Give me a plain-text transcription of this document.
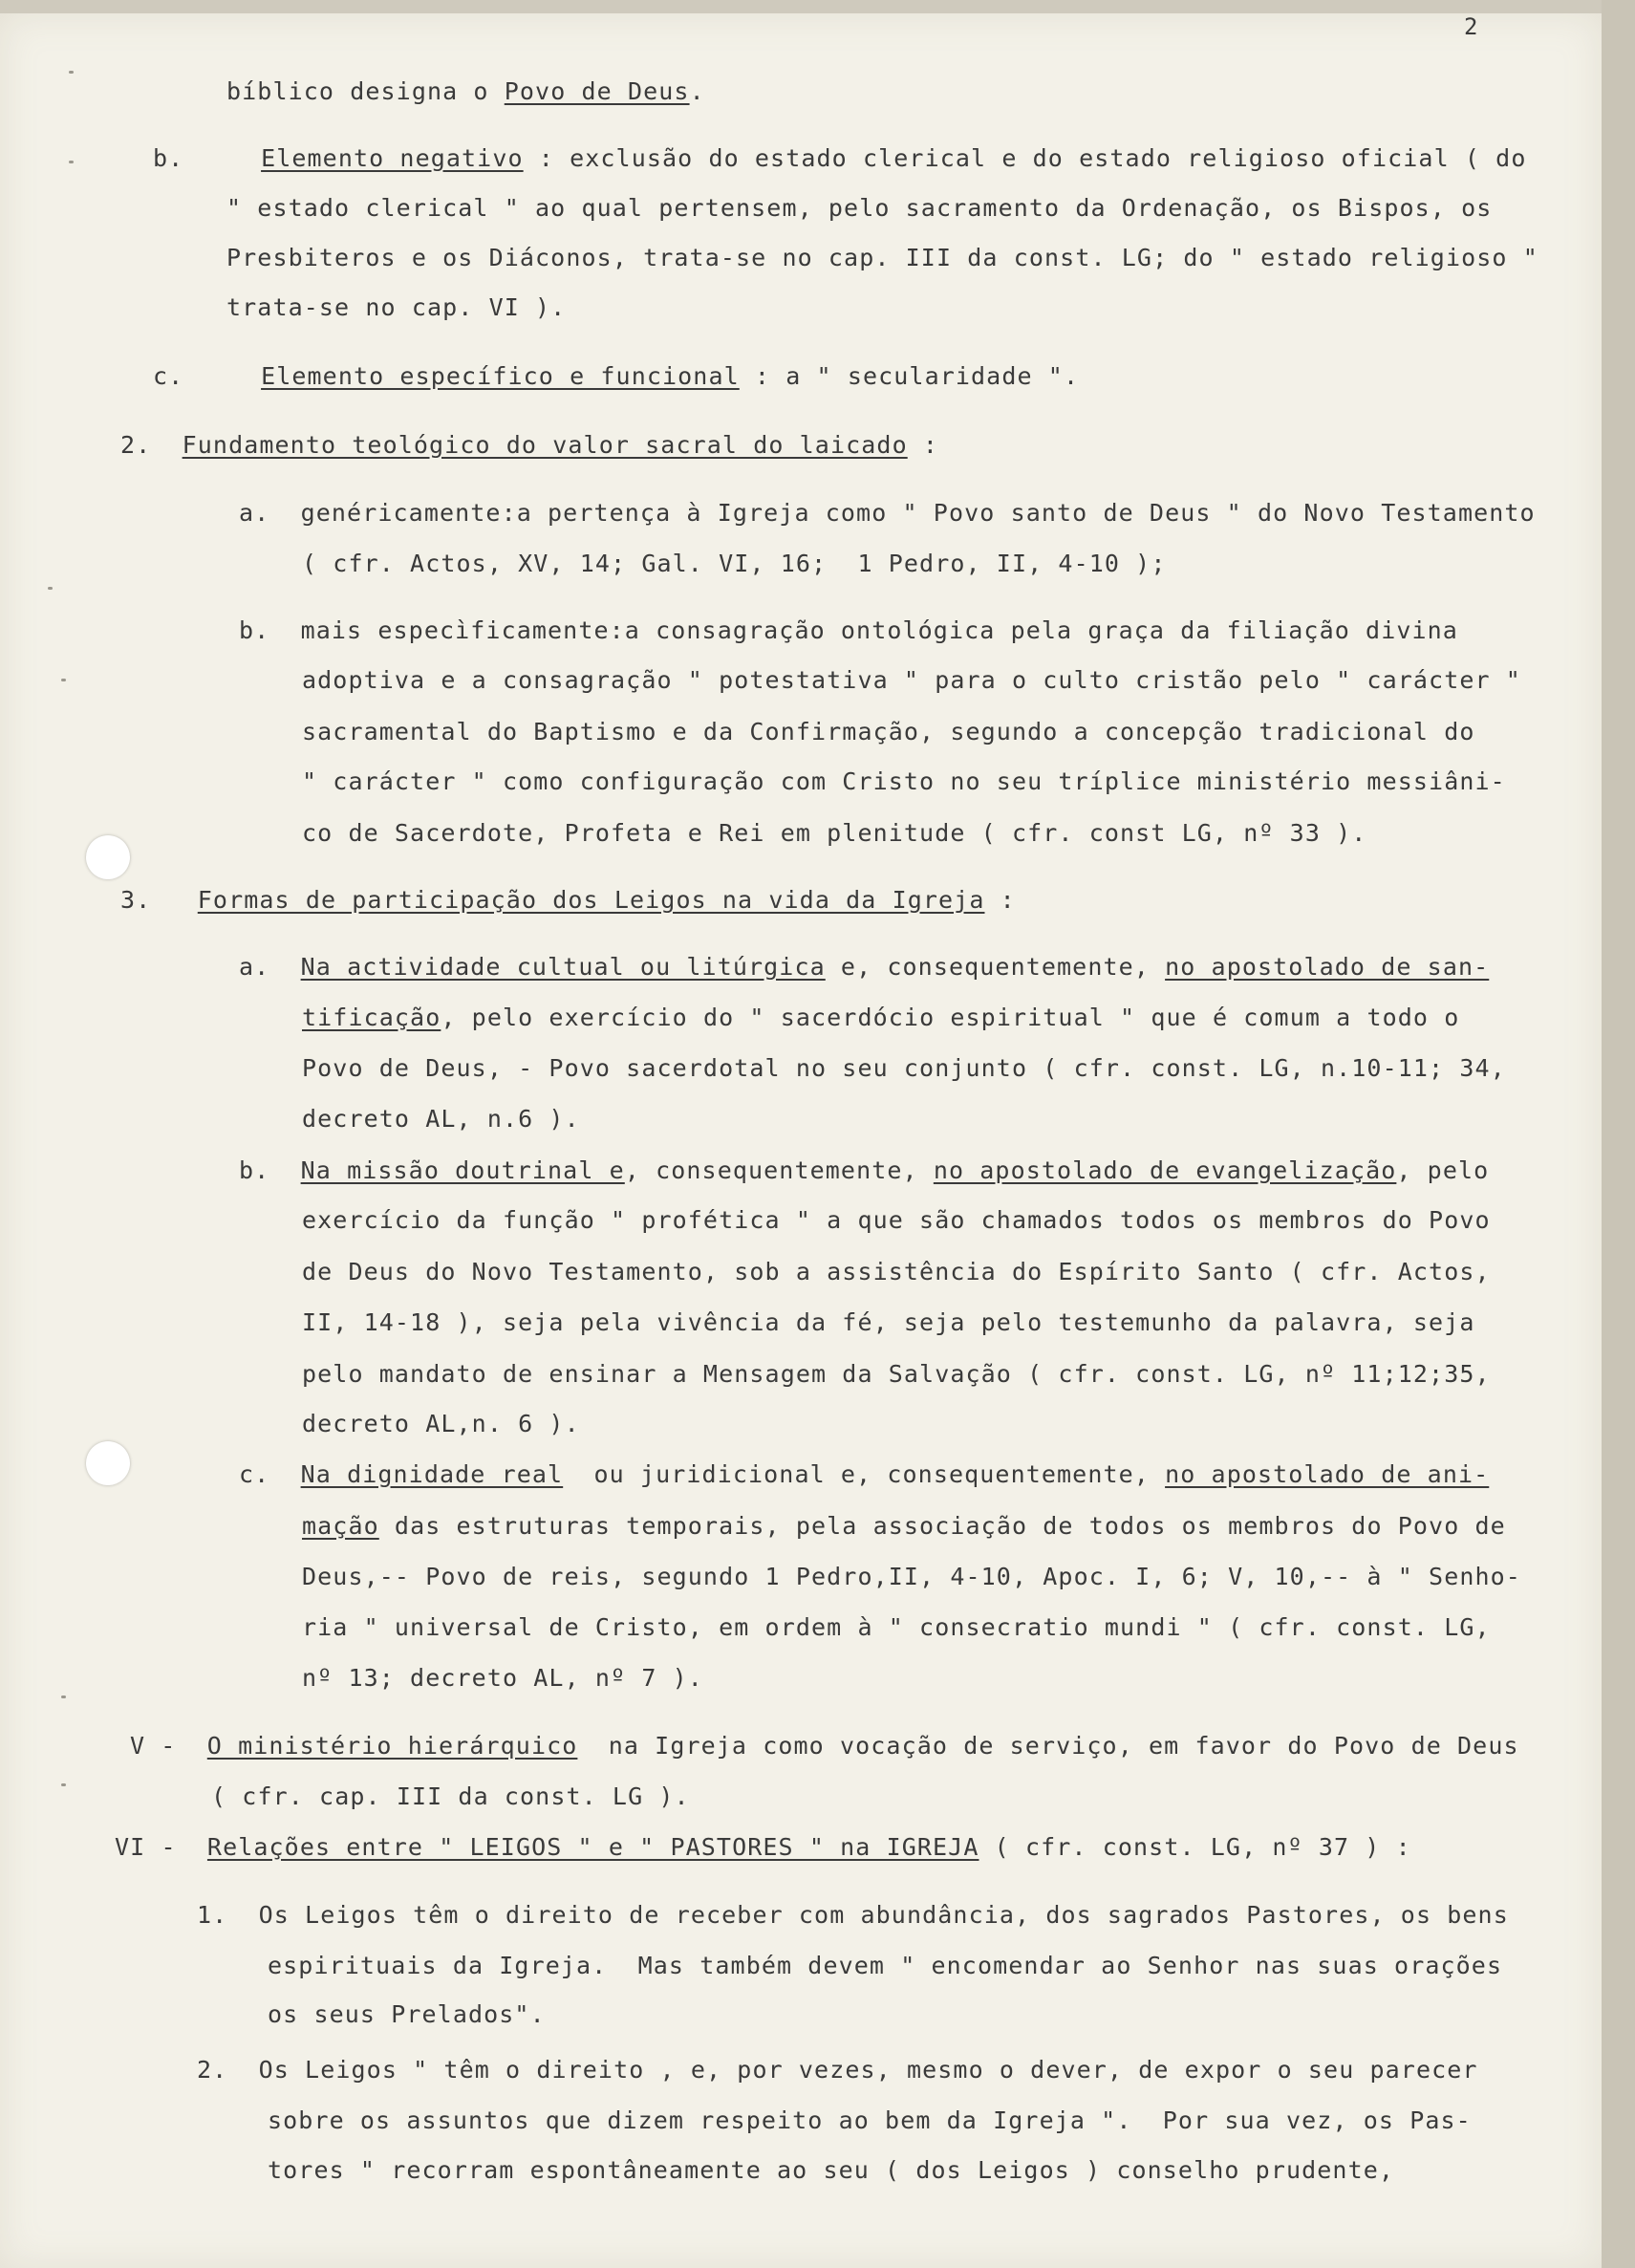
2
bíblico designa o Povo de Deus.
b.     Elemento negativo : exclusão do estado clerical e do estado religioso oficial ( do
" estado clerical " ao qual pertensem, pelo sacramento da Ordenação, os Bispos, os
Presbiteros e os Diáconos, trata-se no cap. III da const. LG; do " estado religioso "
trata-se no cap. VI ).
c.     Elemento específico e funcional : a " secularidade ".
2.  Fundamento teológico do valor sacral do laicado :
a.  genéricamente:a pertença à Igreja como " Povo santo de Deus " do Novo Testamento
( cfr. Actos, XV, 14; Gal. VI, 16;  1 Pedro, II, 4-10 );
b.  mais especìficamente:a consagração ontológica pela graça da filiação divina
adoptiva e a consagração " potestativa " para o culto cristão pelo " carácter "
sacramental do Baptismo e da Confirmação, segundo a concepção tradicional do
" carácter " como configuração com Cristo no seu tríplice ministério messiâni-
co de Sacerdote, Profeta e Rei em plenitude ( cfr. const LG, nº 33 ).
3.   Formas de participação dos Leigos na vida da Igreja :
a.  Na actividade cultual ou litúrgica e, consequentemente, no apostolado de san-
tificação, pelo exercício do " sacerdócio espiritual " que é comum a todo o
Povo de Deus, - Povo sacerdotal no seu conjunto ( cfr. const. LG, n.10-11; 34,
decreto AL, n.6 ).
b.  Na missão doutrinal e, consequentemente, no apostolado de evangelização, pelo
exercício da função " profética " a que são chamados todos os membros do Povo
de Deus do Novo Testamento, sob a assistência do Espírito Santo ( cfr. Actos,
II, 14-18 ), seja pela vivência da fé, seja pelo testemunho da palavra, seja
pelo mandato de ensinar a Mensagem da Salvação ( cfr. const. LG, nº 11;12;35,
decreto AL,n. 6 ).
c.  Na dignidade real  ou juridicional e, consequentemente, no apostolado de ani-
mação das estruturas temporais, pela associação de todos os membros do Povo de
Deus,-- Povo de reis, segundo 1 Pedro,II, 4-10, Apoc. I, 6; V, 10,-- à " Senho-
ria " universal de Cristo, em ordem à " consecratio mundi " ( cfr. const. LG,
nº 13; decreto AL, nº 7 ).
V -  O ministério hierárquico  na Igreja como vocação de serviço, em favor do Povo de Deus
( cfr. cap. III da const. LG ).
VI -  Relações entre " LEIGOS " e " PASTORES " na IGREJA ( cfr. const. LG, nº 37 ) :
1.  Os Leigos têm o direito de receber com abundância, dos sagrados Pastores, os bens
espirituais da Igreja.  Mas também devem " encomendar ao Senhor nas suas orações
os seus Prelados".
2.  Os Leigos " têm o direito , e, por vezes, mesmo o dever, de expor o seu parecer
sobre os assuntos que dizem respeito ao bem da Igreja ".  Por sua vez, os Pas-
tores " recorram espontâneamente ao seu ( dos Leigos ) conselho prudente,
